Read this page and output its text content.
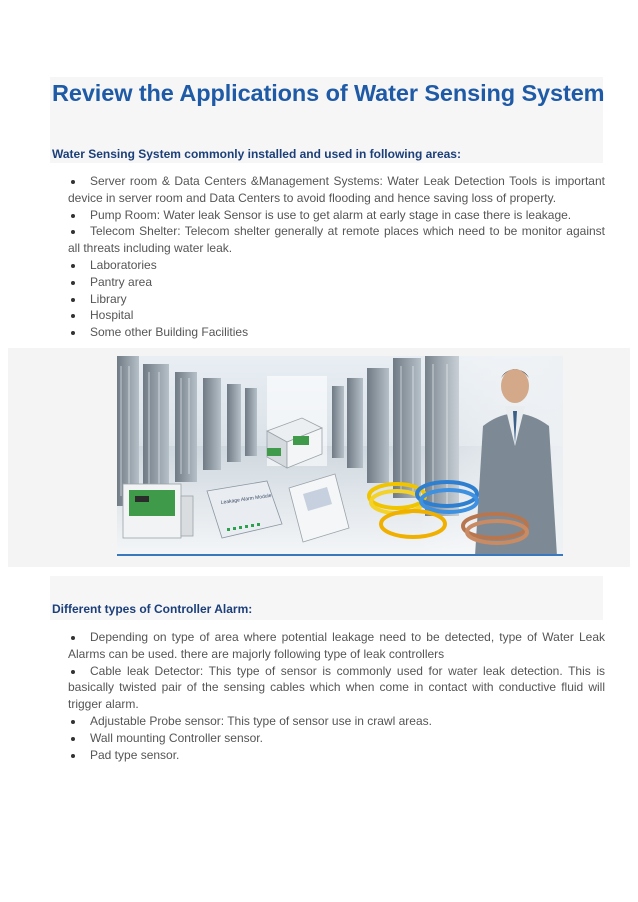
Review the Applications of Water Sensing System

Water Sensing System commonly installed and used in following areas:

Server room & Data Centers &Management Systems: Water Leak Detection Tools is important device in server room and Data Centers to avoid flooding and hence saving loss of property.
Pump Room: Water leak Sensor is use to get alarm at early stage in case there is leakage.
Telecom Shelter: Telecom shelter generally at remote places which need to be monitor against all threats including water leak.
Laboratories
Pantry area
Library
Hospital
Some other Building Facilities
Leakage Alarm Module

Different types of Controller Alarm:

Depending on type of area where potential leakage need to be detected, type of Water Leak Alarms can be used. there are majorly following type of leak controllers
Cable leak Detector: This type of sensor is commonly used for water leak detection. This is basically twisted pair of the sensing cables which when come in contact with conductive fluid will trigger alarm.
Adjustable Probe sensor: This type of sensor use in crawl areas.
Wall mounting Controller sensor.
Pad type sensor.
